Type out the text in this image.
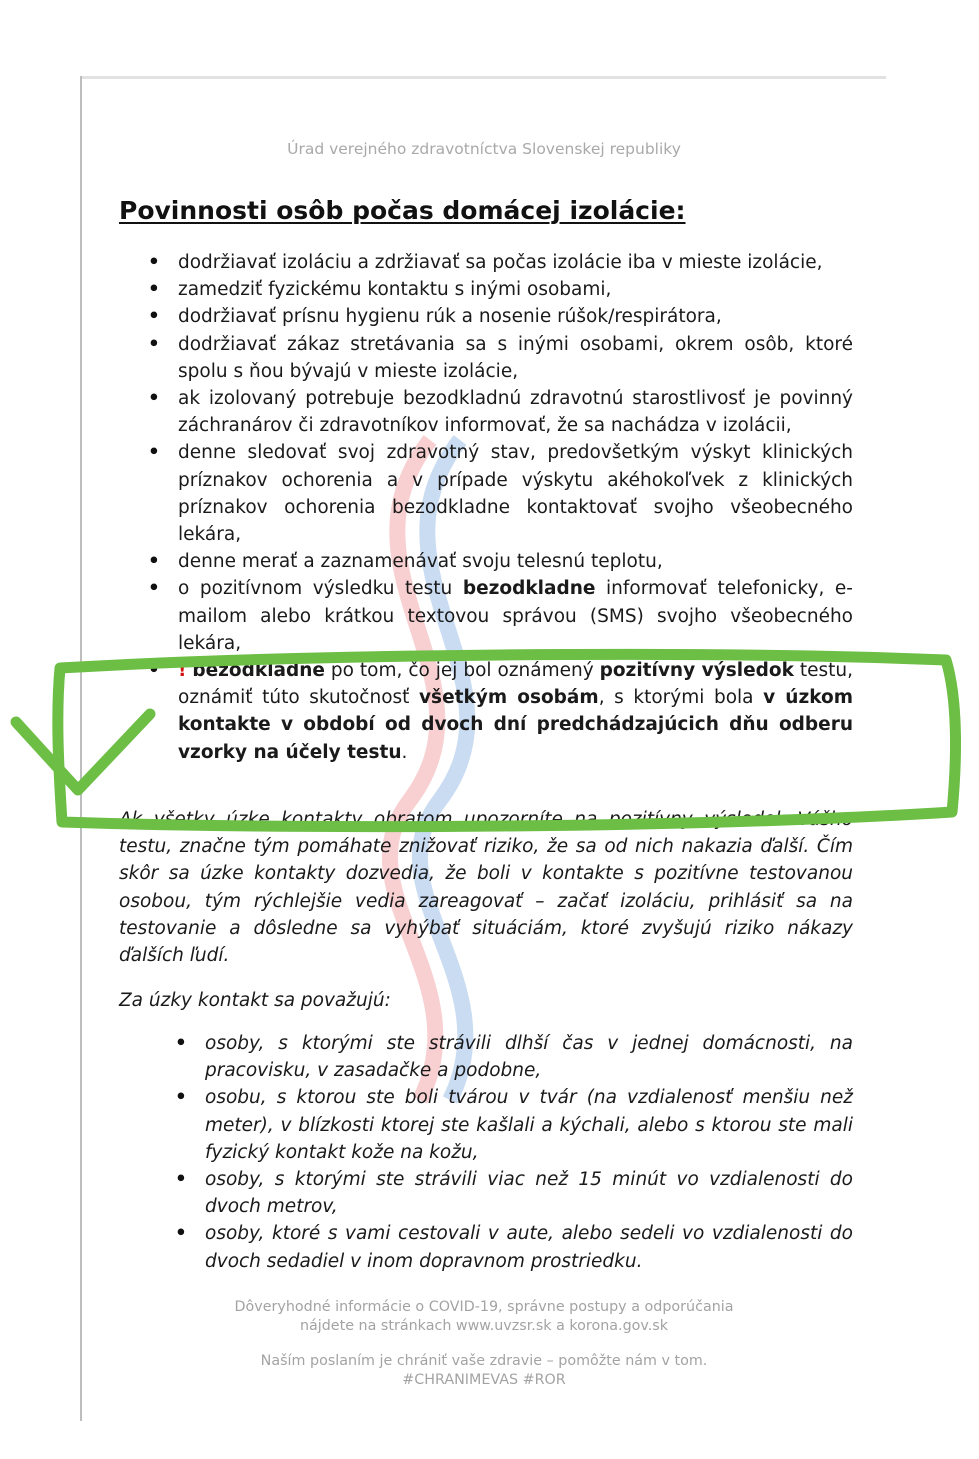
Úrad verejného zdravotníctva Slovenskej republiky
Povinnosti osôb počas domácej izolácie:
• dodržiavať izoláciu a zdržiavať sa počas izolácie iba v mieste izolácie,
• zamedziť fyzickému kontaktu s inými osobami,
• dodržiavať prísnu hygienu rúk a nosenie rúšok/respirátora,
• dodržiavať zákaz stretávania sa s inými osobami, okrem osôb, ktoré spolu s ňou bývajú v mieste izolácie,
• ak izolovaný potrebuje bezodkladnú zdravotnú starostlivosť je povinný záchranárov či zdravotníkov informovať, že sa nachádza v izolácii,
• denne sledovať svoj zdravotný stav, predovšetkým výskyt klinických príznakov ochorenia a v prípade výskytu akéhokoľvek z klinických príznakov ochorenia bezodkladne kontaktovať svojho všeobecného lekára,
• denne merať a zaznamenávať svoju telesnú teplotu,
• o pozitívnom výsledku testu bezodkladne informovať telefonicky, e-mailom alebo krátkou textovou správou (SMS) svojho všeobecného lekára,
• ! bezodkladne po tom, čo jej bol oznámený pozitívny výsledok testu, oznámiť túto skutočnosť všetkým osobám, s ktorými bola v úzkom kontakte v období od dvoch dní predchádzajúcich dňu odberu vzorky na účely testu.

Ak všetky úzke kontakty obratom upozorníte na pozitívny výsledok Vášho testu, značne tým pomáhate znižovať riziko, že sa od nich nakazia ďalší. Čím skôr sa úzke kontakty dozvedia, že boli v kontakte s pozitívne testovanou osobou, tým rýchlejšie vedia zareagovať – začať izoláciu, prihlásiť sa na testovanie a dôsledne sa vyhýbať situáciám, ktoré zvyšujú riziko nákazy ďalších ľudí.

Za úzky kontakt sa považujú:

• osoby, s ktorými ste strávili dlhší čas v jednej domácnosti, na pracovisku, v zasadačke a podobne,
• osobu, s ktorou ste boli tvárou v tvár (na vzdialenosť menšiu než meter), v blízkosti ktorej ste kašlali a kýchali, alebo s ktorou ste mali fyzický kontakt kože na kožu,
• osoby, s ktorými ste strávili viac než 15 minút vo vzdialenosti do dvoch metrov,
• osoby, ktoré s vami cestovali v aute, alebo sedeli vo vzdialenosti do dvoch sedadiel v inom dopravnom prostriedku.
Dôveryhodné informácie o COVID-19, správne postupy a odporúčania
nájdete na stránkach www.uvzsr.sk a korona.gov.sk
Naším poslaním je chrániť vaše zdravie – pomôžte nám v tom.
#CHRANIMEVAS #ROR
